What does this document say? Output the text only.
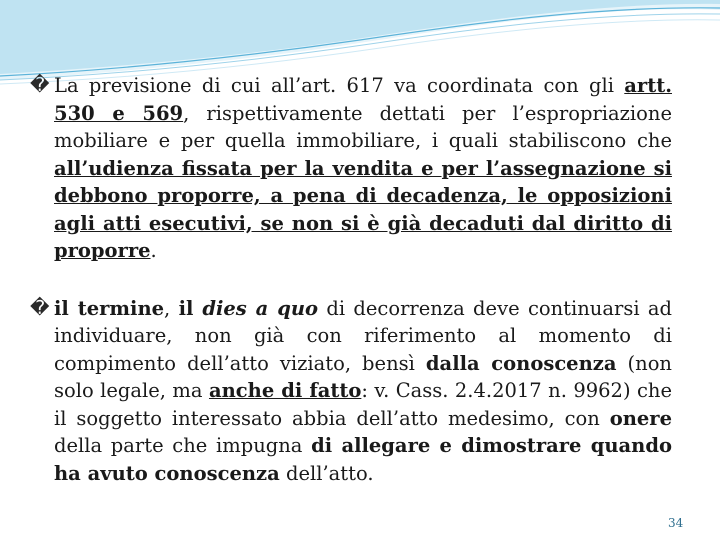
� La previsione di cui all’art. 617 va coordinata con gli artt. 530 e 569, rispettivamente dettati per l’espropriazione mobiliare e per quella immobiliare, i quali stabiliscono che all’udienza fissata per la vendita e per l’assegnazione si debbono proporre, a pena di decadenza, le opposizioni agli atti esecutivi, se non si è già decaduti dal diritto di proporre.

� il termine, il dies a quo di decorrenza deve continuarsi ad individuare, non già con riferimento al momento di compimento dell’atto viziato, bensì dalla conoscenza (non solo legale, ma anche di fatto: v. Cass. 2.4.2017 n. 9962) che il soggetto interessato abbia dell’atto medesimo, con onere della parte che impugna di allegare e dimostrare quando ha avuto conoscenza dell’atto.

34
